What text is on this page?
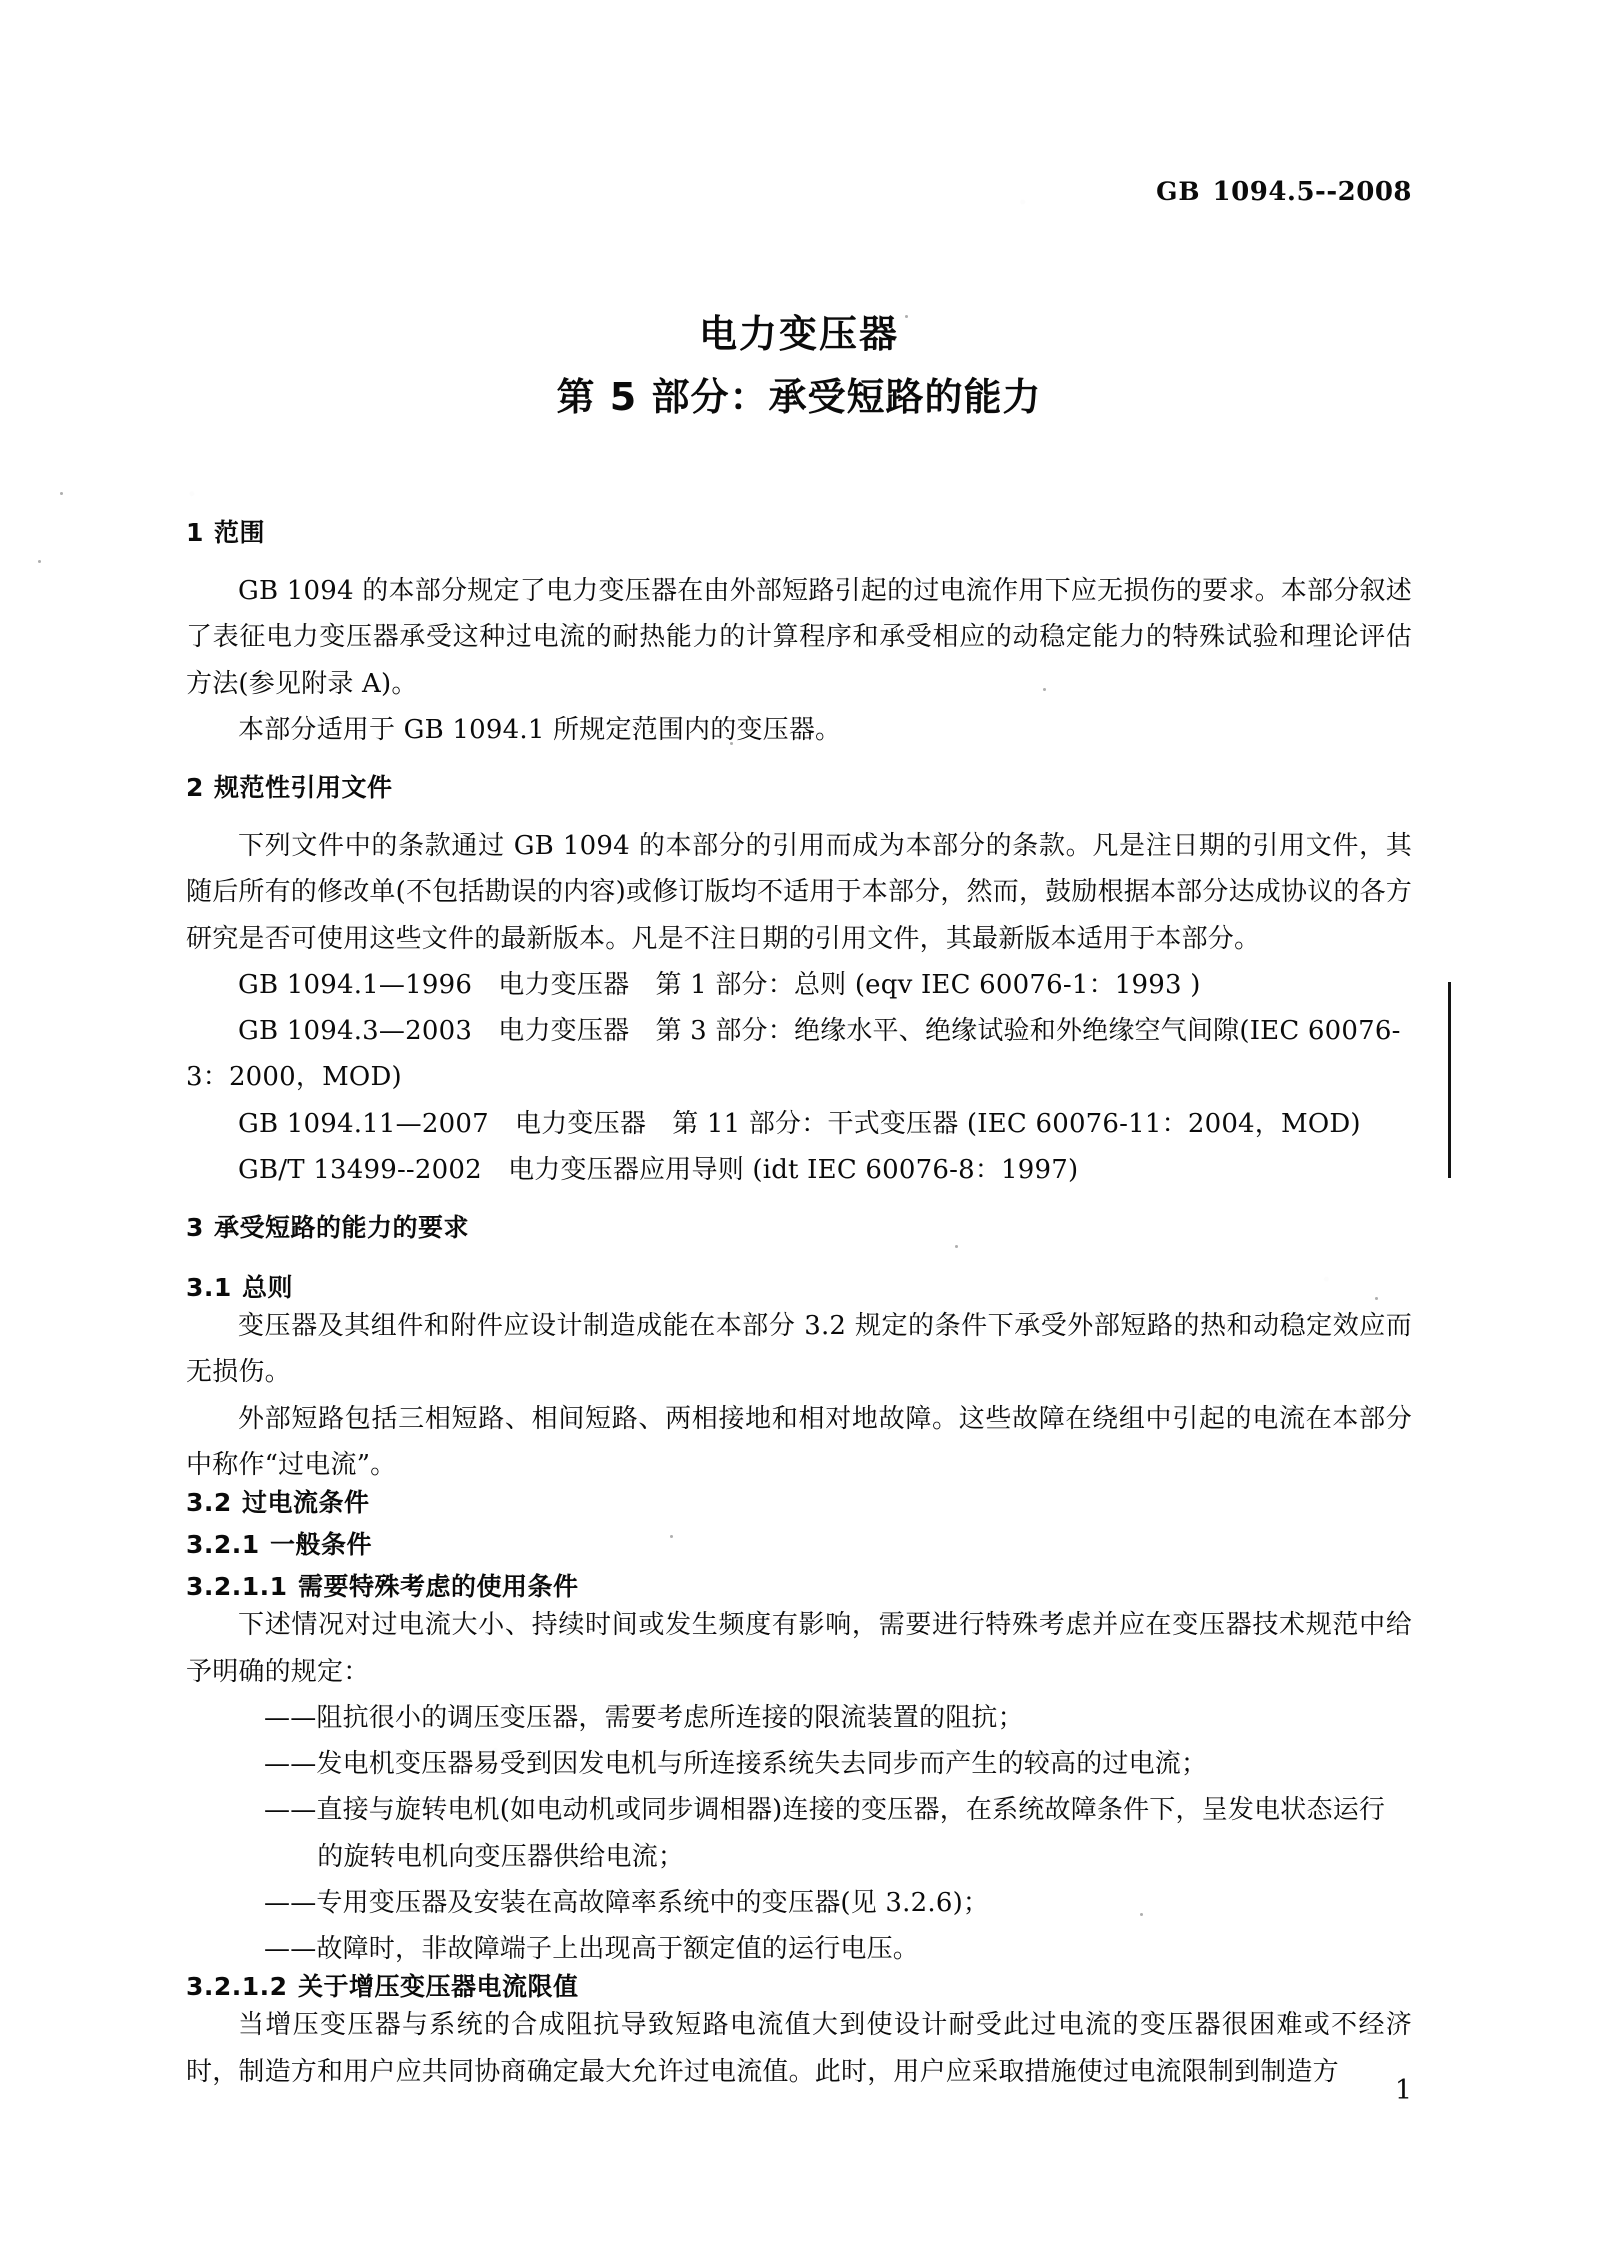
GB 1094.5--2008
电力变压器
第 5 部分：承受短路的能力
1 范围

GB 1094 的本部分规定了电力变压器在由外部短路引起的过电流作用下应无损伤的要求。本部分叙述了表征电力变压器承受这种过电流的耐热能力的计算程序和承受相应的动稳定能力的特殊试验和理论评估方法(参见附录 A)。

本部分适用于 GB 1094.1 所规定范围内的变压器。

2 规范性引用文件

下列文件中的条款通过 GB 1094 的本部分的引用而成为本部分的条款。凡是注日期的引用文件，其随后所有的修改单(不包括勘误的内容)或修订版均不适用于本部分，然而，鼓励根据本部分达成协议的各方研究是否可使用这些文件的最新版本。凡是不注日期的引用文件，其最新版本适用于本部分。

GB 1094.1—1996　电力变压器　第 1 部分：总则 (eqv IEC 60076-1：1993 )

GB 1094.3—2003　电力变压器　第 3 部分：绝缘水平、绝缘试验和外绝缘空气间隙(IEC 60076-3：2000，MOD)

GB 1094.11—2007　电力变压器　第 11 部分：干式变压器 (IEC 60076-11：2004，MOD)

GB/T 13499--2002　电力变压器应用导则 (idt IEC 60076-8：1997)

3 承受短路的能力的要求
3.1 总则

变压器及其组件和附件应设计制造成能在本部分 3.2 规定的条件下承受外部短路的热和动稳定效应而无损伤。

外部短路包括三相短路、相间短路、两相接地和相对地故障。这些故障在绕组中引起的电流在本部分中称作“过电流”。

3.2 过电流条件
3.2.1 一般条件
3.2.1.1 需要特殊考虑的使用条件

下述情况对过电流大小、持续时间或发生频度有影响，需要进行特殊考虑并应在变压器技术规范中给予明确的规定：

——阻抗很小的调压变压器，需要考虑所连接的限流装置的阻抗；

——发电机变压器易受到因发电机与所连接系统失去同步而产生的较高的过电流；

——直接与旋转电机(如电动机或同步调相器)连接的变压器，在系统故障条件下，呈发电状态运行
的旋转电机向变压器供给电流；

——专用变压器及安装在高故障率系统中的变压器(见 3.2.6)；

——故障时，非故障端子上出现高于额定值的运行电压。

3.2.1.2 关于增压变压器电流限值

当增压变压器与系统的合成阻抗导致短路电流值大到使设计耐受此过电流的变压器很困难或不经济时，制造方和用户应共同协商确定最大允许过电流值。此时，用户应采取措施使过电流限制到制造方

1
